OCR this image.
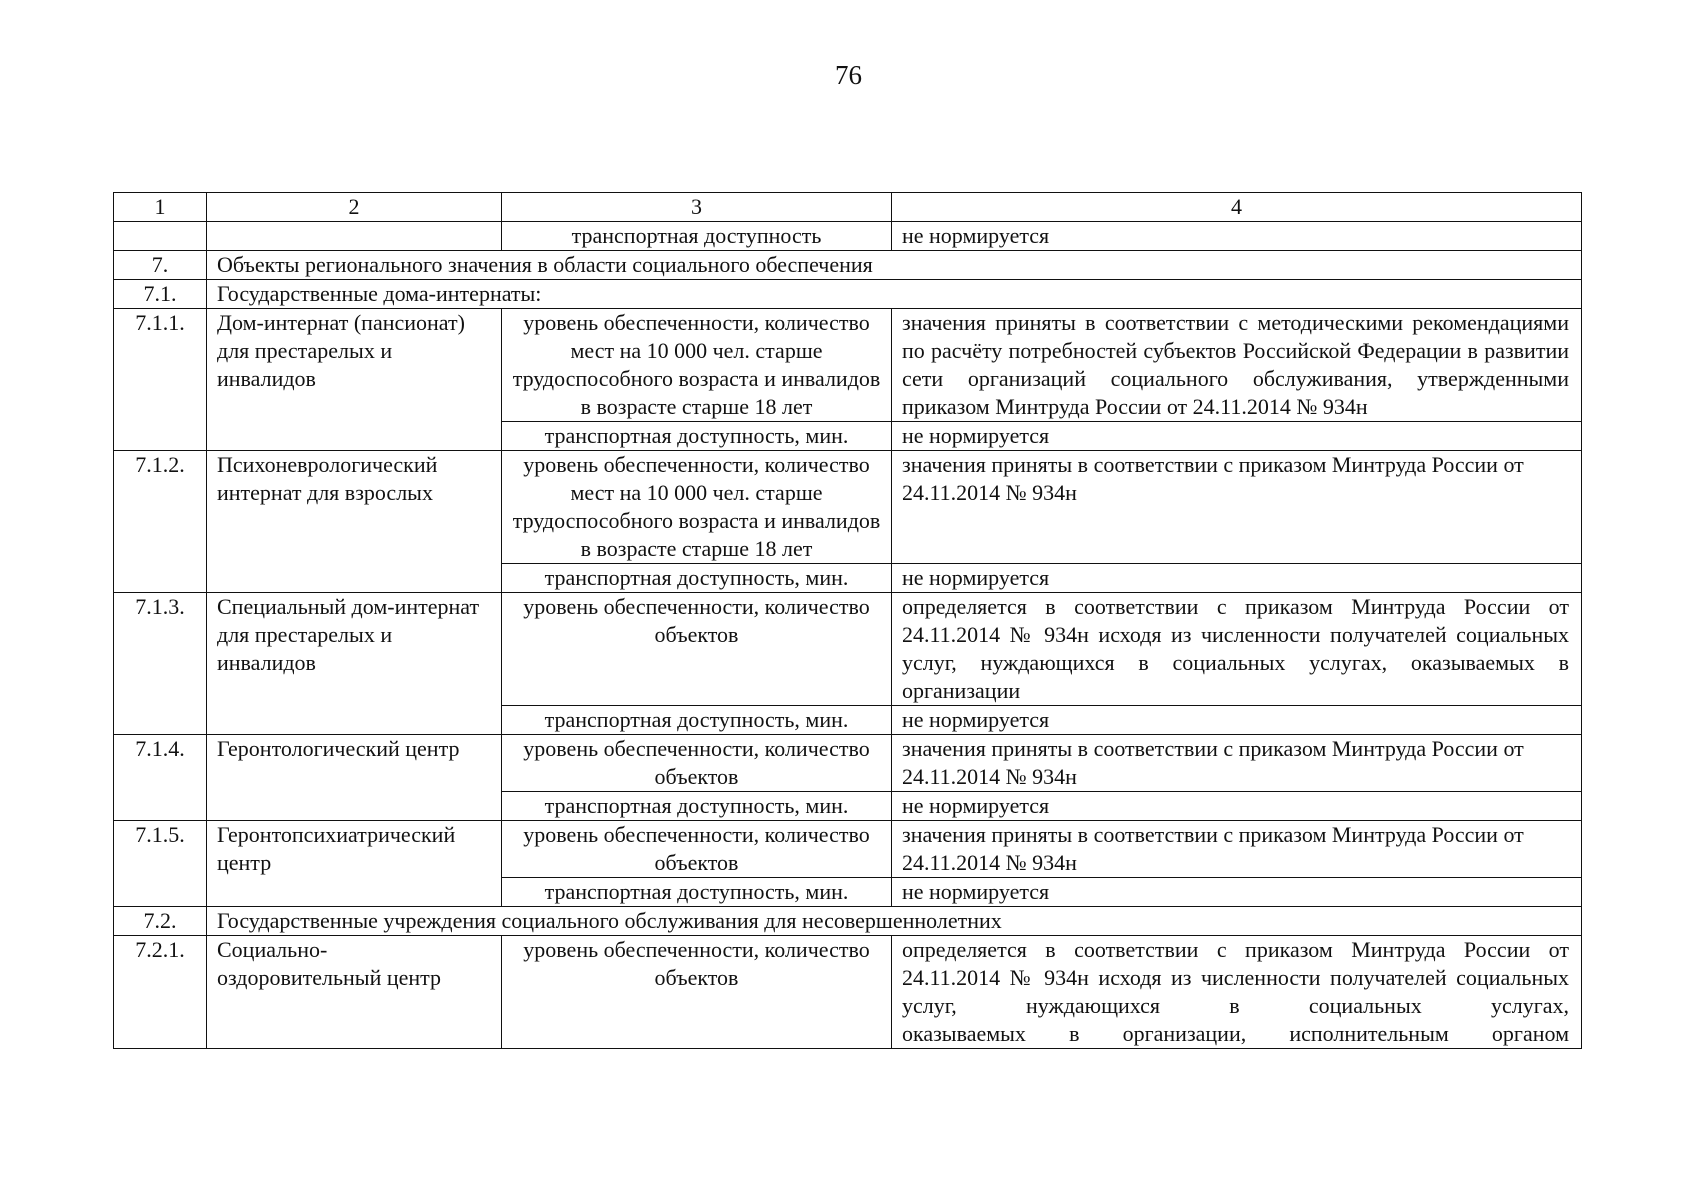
76
1	2	3	4
		транспортная доступность	не нормируется
7.	Объекты регионального значения в области социального обеспечения		
7.1.	Государственные дома-интернаты:		
7.1.1.	Дом-интернат (пансионат) для престарелых и инвалидов	уровень обеспеченности, количество мест на 10 000 чел. старше трудоспособного возраста и инвалидов в возрасте старше 18 лет	значения приняты в соответствии с методическими рекомендациями по расчёту потребностей субъектов Российской Федерации в развитии сети организаций социального обслуживания, утвержденными приказом Минтруда России от 24.11.2014 № 934н
		транспортная доступность, мин.	не нормируется
7.1.2.	Психоневрологический интернат для взрослых	уровень обеспеченности, количество мест на 10 000 чел. старше трудоспособного возраста и инвалидов в возрасте старше 18 лет	значения приняты в соответствии с приказом Минтруда России от 24.11.2014 № 934н
		транспортная доступность, мин.	не нормируется
7.1.3.	Специальный дом-интернат для престарелых и инвалидов	уровень обеспеченности, количество объектов	определяется в соответствии с приказом Минтруда России от 24.11.2014 № 934н исходя из численности получателей социальных услуг, нуждающихся в социальных услугах, оказываемых в организации
		транспортная доступность, мин.	не нормируется
7.1.4.	Геронтологический центр	уровень обеспеченности, количество объектов	значения приняты в соответствии с приказом Минтруда России от 24.11.2014 № 934н
		транспортная доступность, мин.	не нормируется
7.1.5.	Геронтопсихиатрический центр	уровень обеспеченности, количество объектов	значения приняты в соответствии с приказом Минтруда России от 24.11.2014 № 934н
		транспортная доступность, мин.	не нормируется
7.2.	Государственные учреждения социального обслуживания для несовершеннолетних		
7.2.1.	Социально-оздоровительный центр	уровень обеспеченности, количество объектов	определяется в соответствии с приказом Минтруда России от 24.11.2014 № 934н исходя из численности получателей социальных услуг, нуждающихся в социальных услугах,
оказываемых в организации, исполнительным органом
